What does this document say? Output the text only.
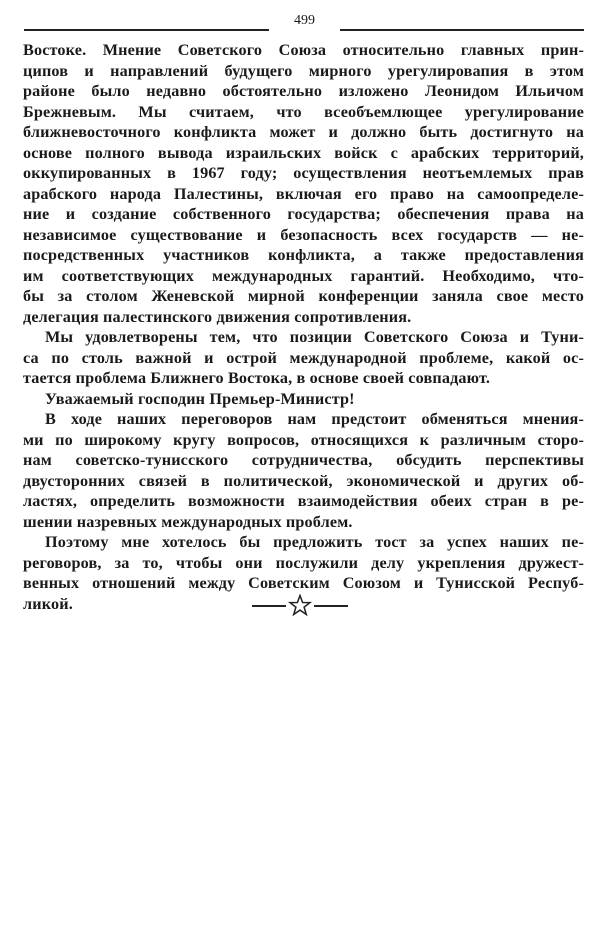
499
Востоке. Мнение Советского Союза относительно главных прин-
ципов и направлений будущего мирного урегулировапия в этом
районе было недавно обстоятельно изложено Леонидом Ильичом
Брежневым. Мы считаем, что всеобъемлющее урегулирование
ближневосточного конфликта может и должно быть достигнуто на
основе полного вывода израильских войск с арабских территорий,
оккупированных в 1967 году; осуществления неотъемлемых прав
арабского народа Палестины, включая его право на самоопределе-
ние и создание собственного государства; обеспечения права на
независимое существование и безопасность всех государств — не-
посредственных участников конфликта, а также предоставления
им соответствующих международных гарантий. Необходимо, что-
бы за столом Женевской мирной конференции заняла свое место
делегация палестинского движения сопротивления.
Мы удовлетворены тем, что позиции Советского Союза и Туни-
са по столь важной и острой международной проблеме, какой ос-
тается проблема Ближнего Востока, в основе своей совпадают.
Уважаемый господин Премьер-Министр!
В ходе наших переговоров нам предстоит обменяться мнения-
ми по широкому кругу вопросов, относящихся к различным сторо-
нам советско-тунисского сотрудничества, обсудить перспективы
двусторонних связей в политической, экономической и других об-
ластях, определить возможности взаимодействия обеих стран в ре-
шении назревных международных проблем.
Поэтому мне хотелось бы предложить тост за успех наших пе-
реговоров, за то, чтобы они послужили делу укрепления дружест-
венных отношений между Советским Союзом и Тунисской Респуб-
ликой.
